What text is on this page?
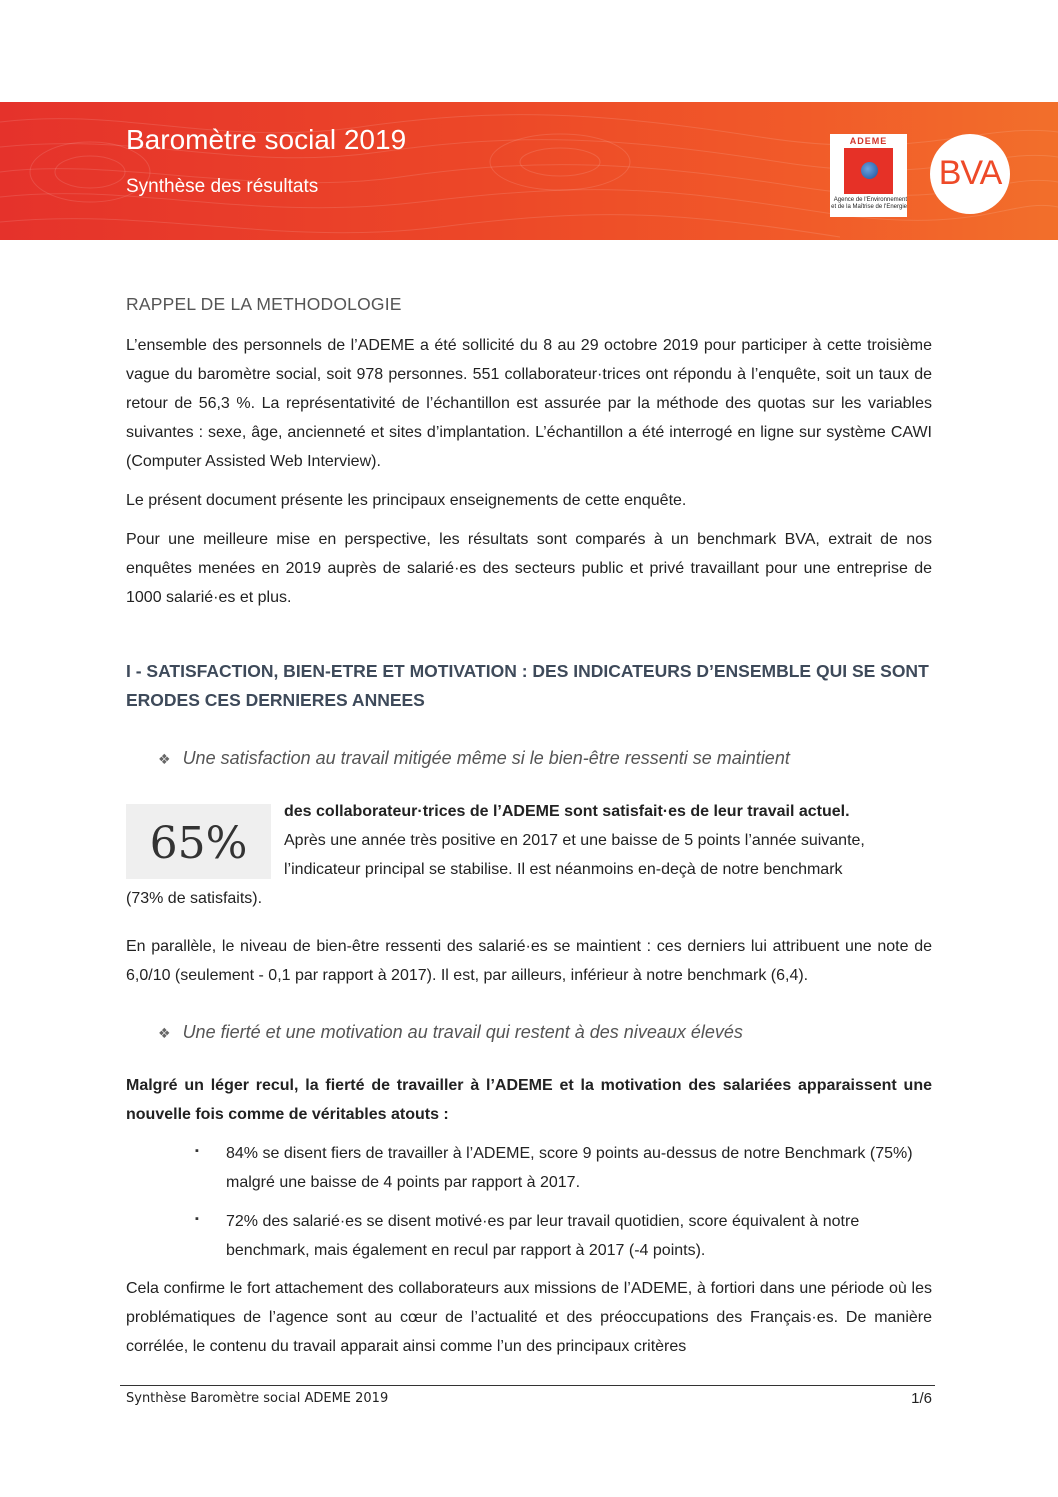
Baromètre social 2019
Synthèse des résultats
ADEME
Agence de l'Environnement et de la Maîtrise de l'Energie
BVA
RAPPEL DE LA METHODOLOGIE

L’ensemble des personnels de l’ADEME a été sollicité du 8 au 29 octobre 2019 pour participer à cette troisième vague du baromètre social, soit 978 personnes. 551 collaborateur·trices ont répondu à l’enquête, soit un taux de retour de 56,3 %. La représentativité de l’échantillon est assurée par la méthode des quotas sur les variables suivantes : sexe, âge, ancienneté et sites d’implantation. L’échantillon a été interrogé en ligne sur système CAWI (Computer Assisted Web Interview).

Le présent document présente les principaux enseignements de cette enquête.

Pour une meilleure mise en perspective, les résultats sont comparés à un benchmark BVA, extrait de nos enquêtes menées en 2019 auprès de salarié·es des secteurs public et privé travaillant pour une entreprise de 1000 salarié·es et plus.

I - SATISFACTION, BIEN-ETRE ET MOTIVATION : DES INDICATEURS D’ENSEMBLE QUI SE SONT ERODES CES DERNIERES ANNEES
❖ Une satisfaction au travail mitigée même si le bien-être ressenti se maintient
65%
des collaborateur·trices de l’ADEME sont satisfait·es de leur travail actuel.
Après une année très positive en 2017 et une baisse de 5 points l’année suivante,
l’indicateur principal se stabilise. Il est néanmoins en-deçà de notre benchmark
(73% de satisfaits).

En parallèle, le niveau de bien-être ressenti des salarié·es se maintient : ces derniers lui attribuent une note de 6,0/10 (seulement - 0,1 par rapport à 2017). Il est, par ailleurs, inférieur à notre benchmark (6,4).

❖ Une fierté et une motivation au travail qui restent à des niveaux élevés

Malgré un léger recul, la fierté de travailler à l’ADEME et la motivation des salariées apparaissent une nouvelle fois comme de véritables atouts :

▪ 84% se disent fiers de travailler à l’ADEME, score 9 points au-dessus de notre Benchmark (75%) malgré une baisse de 4 points par rapport à 2017.
▪ 72% des salarié·es se disent motivé·es par leur travail quotidien, score équivalent à notre benchmark, mais également en recul par rapport à 2017 (-4 points).

Cela confirme le fort attachement des collaborateurs aux missions de l’ADEME, à fortiori dans une période où les problématiques de l’agence sont au cœur de l’actualité et des préoccupations des Français·es. De manière corrélée, le contenu du travail apparait ainsi comme l’un des principaux critères

Synthèse Baromètre social ADEME 2019	1/6
